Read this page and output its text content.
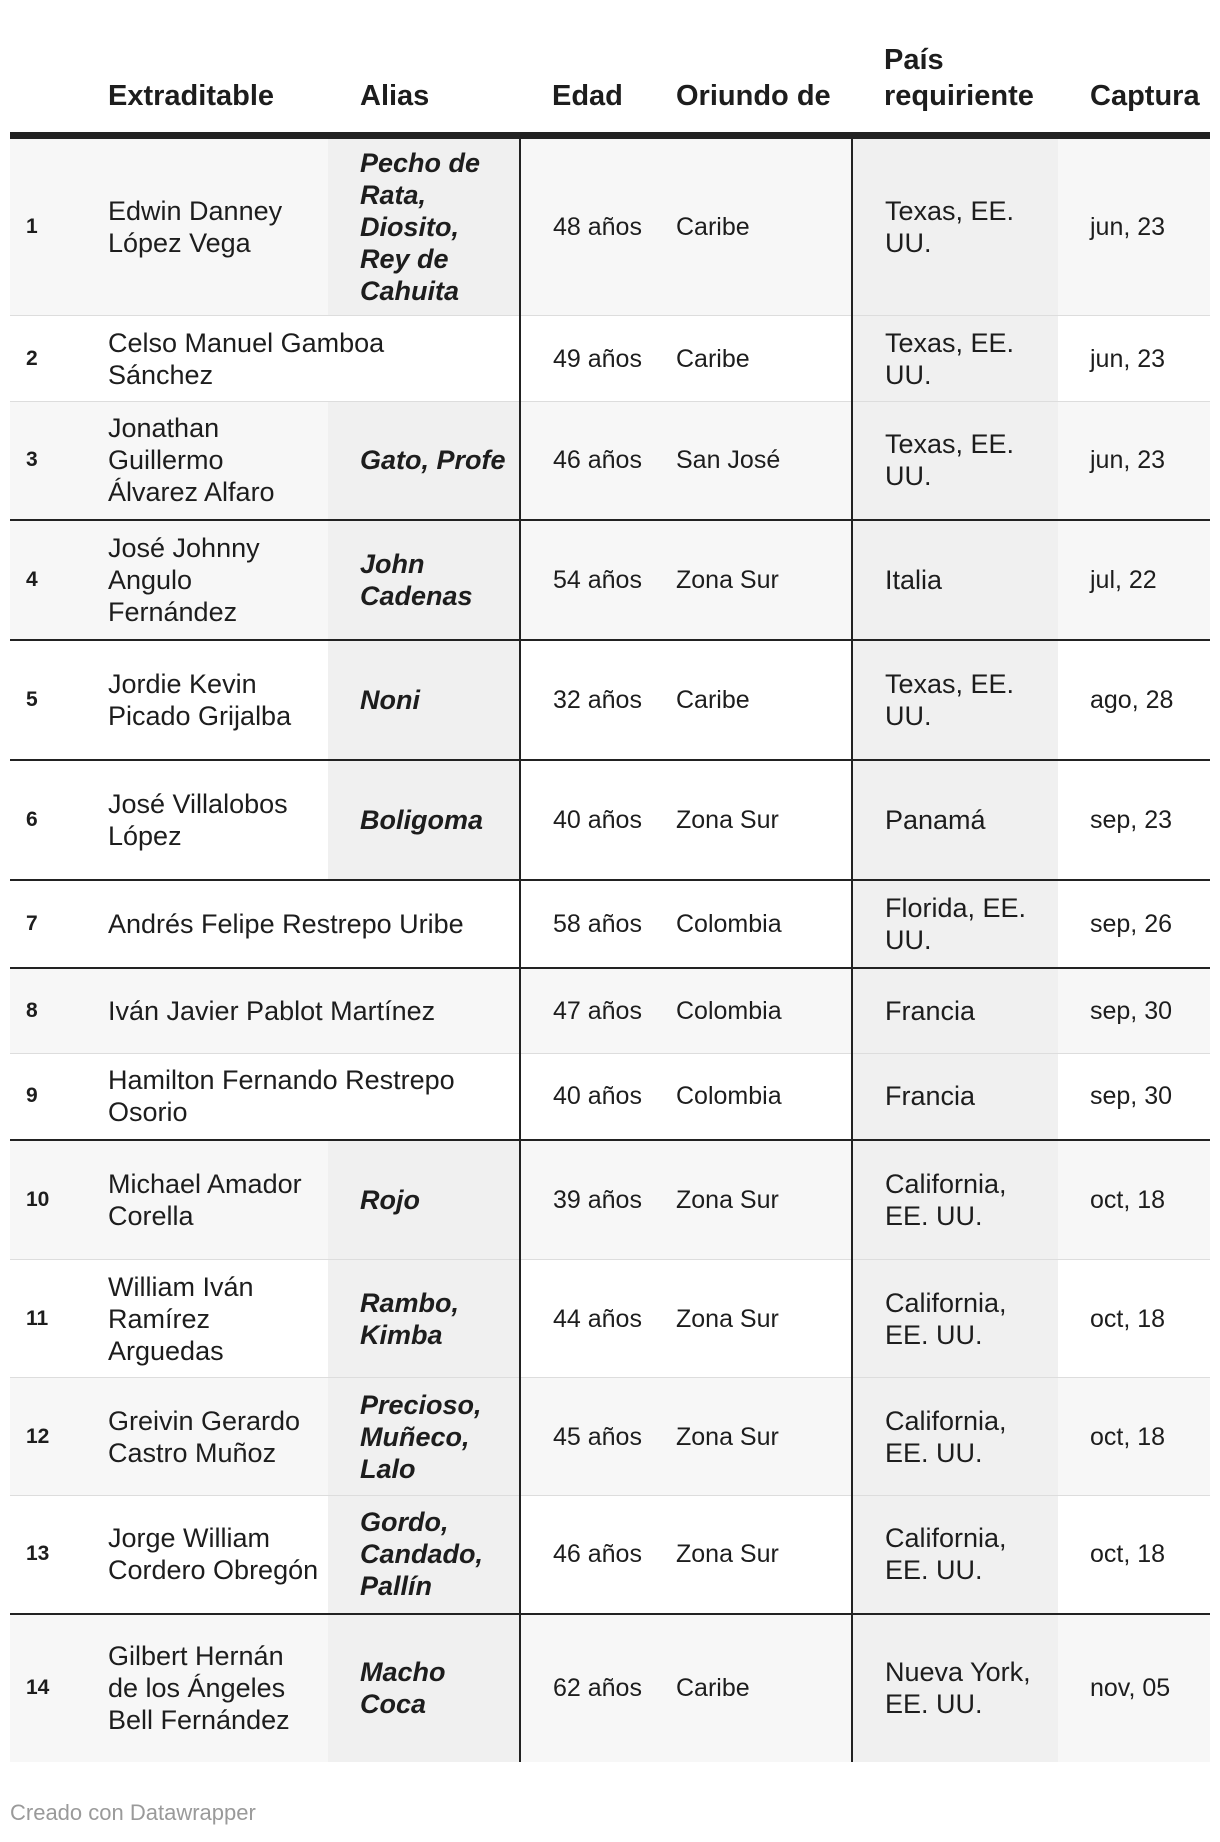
	Extraditable	Alias	Edad	Oriundo de	País requiriente	Captura
1	Edwin Danney López Vega	Pecho de Rata, Diosito, Rey de Cahuita	48 años	Caribe	Texas, EE. UU.	jun, 23
2	Celso Manuel Gamboa Sánchez		49 años	Caribe	Texas, EE. UU.	jun, 23
3	Jonathan Guillermo Álvarez Alfaro	Gato, Profe	46 años	San José	Texas, EE. UU.	jun, 23
4	José Johnny Angulo Fernández	John Cadenas	54 años	Zona Sur	Italia	jul, 22
5	Jordie Kevin Picado Grijalba	Noni	32 años	Caribe	Texas, EE. UU.	ago, 28
6	José Villalobos López	Boligoma	40 años	Zona Sur	Panamá	sep, 23
7	Andrés Felipe Restrepo Uribe		58 años	Colombia	Florida, EE. UU.	sep, 26
8	Iván Javier Pablot Martínez		47 años	Colombia	Francia	sep, 30
9	Hamilton Fernando Restrepo Osorio		40 años	Colombia	Francia	sep, 30
10	Michael Amador Corella	Rojo	39 años	Zona Sur	California, EE. UU.	oct, 18
11	William Iván Ramírez Arguedas	Rambo, Kimba	44 años	Zona Sur	California, EE. UU.	oct, 18
12	Greivin Gerardo Castro Muñoz	Precioso, Muñeco, Lalo	45 años	Zona Sur	California, EE. UU.	oct, 18
13	Jorge William Cordero Obregón	Gordo, Candado, Pallín	46 años	Zona Sur	California, EE. UU.	oct, 18
14	Gilbert Hernán de los Ángeles Bell Fernández	Macho Coca	62 años	Caribe	Nueva York, EE. UU.	nov, 05
Creado con Datawrapper
